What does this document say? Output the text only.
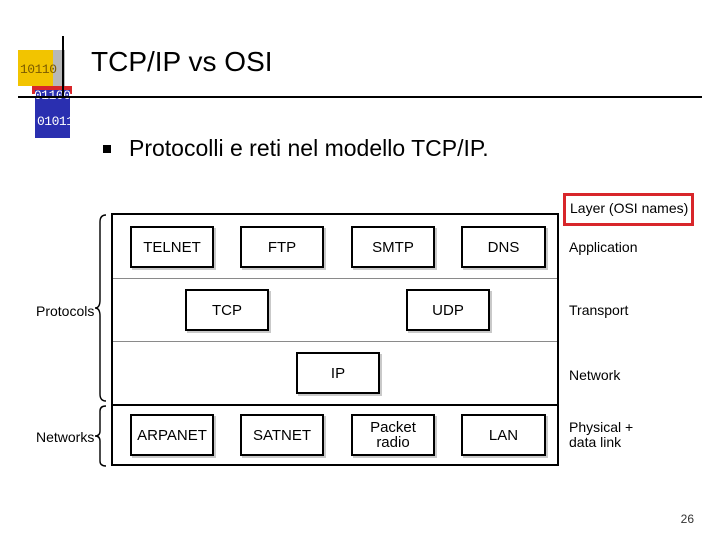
10110
01011
TCP/IP vs OSI
Protocolli e reti nel modello TCP/IP.
Layer (OSI names)
TELNET	FTP	SMTP	DNS
TCP	UDP
IP
ARPANET	SATNET	Packet
radio	LAN
Application
Transport
Network
Physical +
data link
Protocols
Networks
26
